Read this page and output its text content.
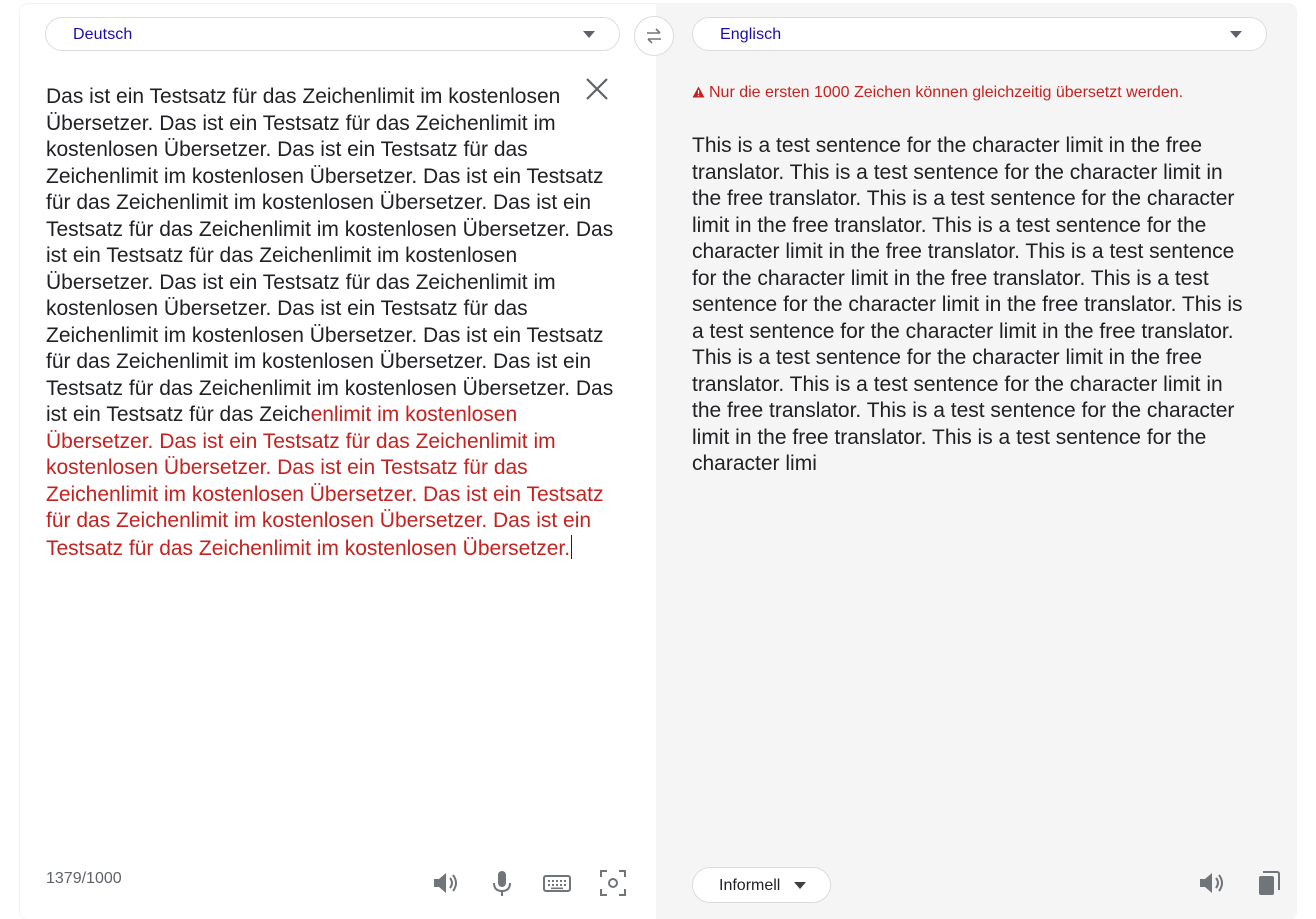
Deutsch
Das ist ein Testsatz für das Zeichenlimit im kostenlosen Übersetzer. Das ist ein Testsatz für das Zeichenlimit im kostenlosen Übersetzer. Das ist ein Testsatz für das Zeichenlimit im kostenlosen Übersetzer. Das ist ein Testsatz für das Zeichenlimit im kostenlosen Übersetzer. Das ist ein Testsatz für das Zeichenlimit im kostenlosen Übersetzer. Das ist ein Testsatz für das Zeichenlimit im kostenlosen Übersetzer. Das ist ein Testsatz für das Zeichenlimit im kostenlosen Übersetzer. Das ist ein Testsatz für das Zeichenlimit im kostenlosen Übersetzer. Das ist ein Testsatz für das Zeichenlimit im kostenlosen Übersetzer. Das ist ein Testsatz für das Zeichenlimit im kostenlosen Übersetzer. Das ist ein Testsatz für das Zeichenlimit im kostenlosen Übersetzer. Das ist ein Testsatz für das Zeichenlimit im kostenlosen Übersetzer. Das ist ein Testsatz für das Zeichenlimit im kostenlosen Übersetzer. Das ist ein Testsatz für das Zeichenlimit im kostenlosen Übersetzer. Das ist ein Testsatz für das Zeichenlimit im kostenlosen Übersetzer.
1379/1000
Englisch
Nur die ersten 1000 Zeichen können gleichzeitig übersetzt werden.
This is a test sentence for the character limit in the free translator. This is a test sentence for the character limit in the free translator. This is a test sentence for the character limit in the free translator. This is a test sentence for the character limit in the free translator. This is a test sentence for the character limit in the free translator. This is a test sentence for the character limit in the free translator. This is a test sentence for the character limit in the free translator. This is a test sentence for the character limit in the free translator. This is a test sentence for the character limit in the free translator. This is a test sentence for the character limit in the free translator. This is a test sentence for the character limi
Informell
